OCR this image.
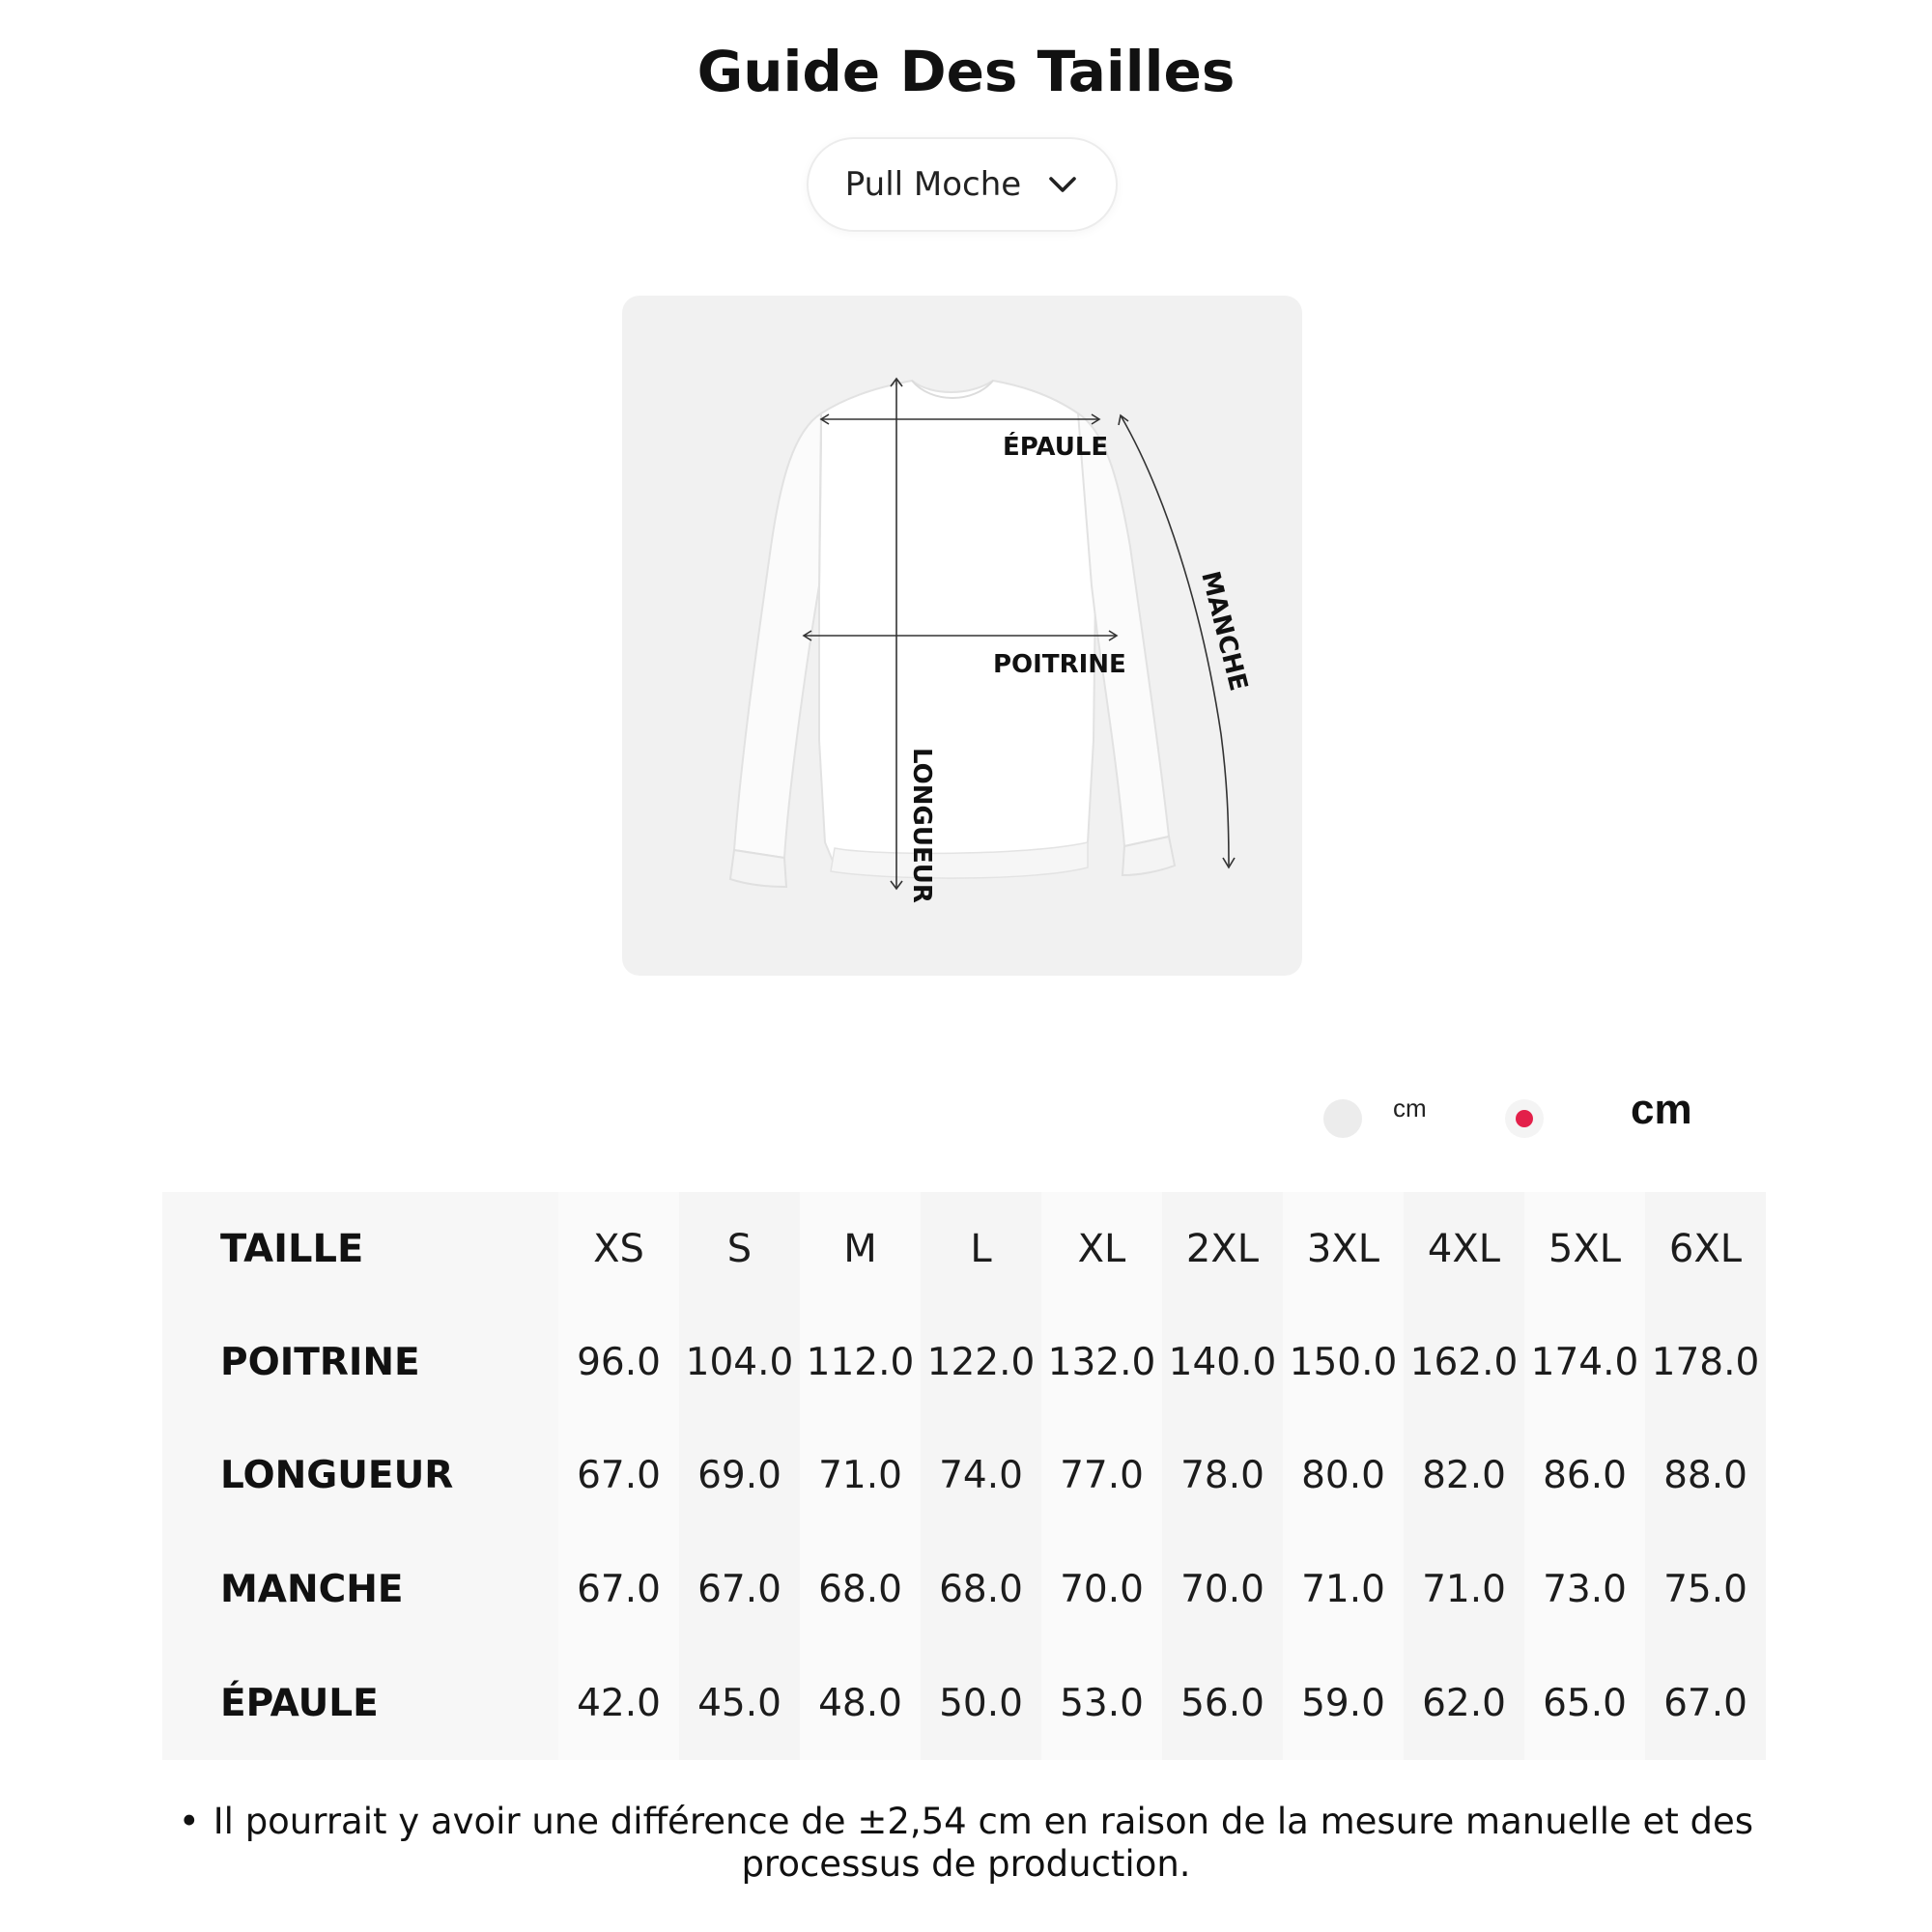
Guide Des Tailles
Pull Moche
ÉPAULE
POITRINE	MANCHE
LONGUEUR
cm	cm
TAILLE	XS	S	M	L	XL	2XL	3XL	4XL	5XL	6XL
POITRINE	96.0	104.0	112.0	122.0	132.0	140.0	150.0	162.0	174.0	178.0
LONGUEUR	67.0	69.0	71.0	74.0	77.0	78.0	80.0	82.0	86.0	88.0
MANCHE	67.0	67.0	68.0	68.0	70.0	70.0	71.0	71.0	73.0	75.0
ÉPAULE	42.0	45.0	48.0	50.0	53.0	56.0	59.0	62.0	65.0	67.0
• Il pourrait y avoir une différence de ±2,54 cm en raison de la mesure manuelle et des processus de production.
